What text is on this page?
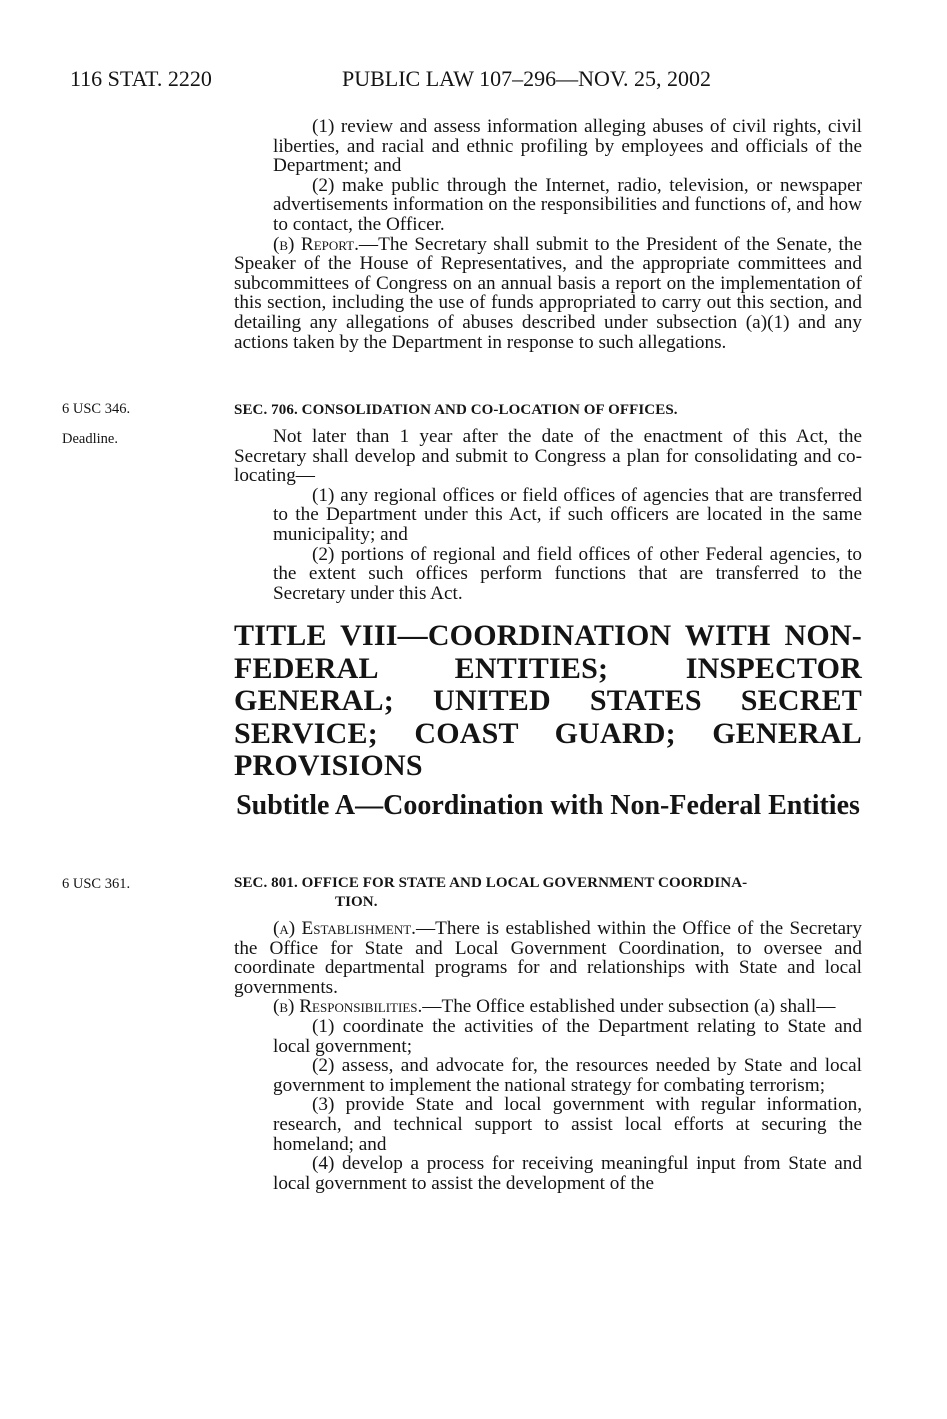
116 STAT. 2220	PUBLIC LAW 107–296—NOV. 25, 2002

(1) review and assess information alleging abuses of civil rights, civil liberties, and racial and ethnic profiling by employees and officials of the Department; and

(2) make public through the Internet, radio, television, or newspaper advertisements information on the responsibilities and functions of, and how to contact, the Officer.

(b) Report.—The Secretary shall submit to the President of the Senate, the Speaker of the House of Representatives, and the appropriate committees and subcommittees of Congress on an annual basis a report on the implementation of this section, including the use of funds appropriated to carry out this section, and detailing any allegations of abuses described under subsection (a)(1) and any actions taken by the Department in response to such allegations.

6 USC 346.
Deadline.
SEC. 706. CONSOLIDATION AND CO-LOCATION OF OFFICES.

Not later than 1 year after the date of the enactment of this Act, the Secretary shall develop and submit to Congress a plan for consolidating and co-locating—

(1) any regional offices or field offices of agencies that are transferred to the Department under this Act, if such officers are located in the same municipality; and

(2) portions of regional and field offices of other Federal agencies, to the extent such offices perform functions that are transferred to the Secretary under this Act.

TITLE VIII—COORDINATION WITH NON-FEDERAL ENTITIES; INSPECTOR GENERAL; UNITED STATES SECRET SERVICE; COAST GUARD; GENERAL PROVISIONS
Subtitle A—Coordination with Non-Federal Entities
6 USC 361.	SEC. 801. OFFICE FOR STATE AND LOCAL GOVERNMENT COORDINA-
TION.

(a) Establishment.—There is established within the Office of the Secretary the Office for State and Local Government Coordination, to oversee and coordinate departmental programs for and relationships with State and local governments.

(b) Responsibilities.—The Office established under subsection (a) shall—

(1) coordinate the activities of the Department relating to State and local government;

(2) assess, and advocate for, the resources needed by State and local government to implement the national strategy for combating terrorism;

(3) provide State and local government with regular information, research, and technical support to assist local efforts at securing the homeland; and

(4) develop a process for receiving meaningful input from State and local government to assist the development of the
